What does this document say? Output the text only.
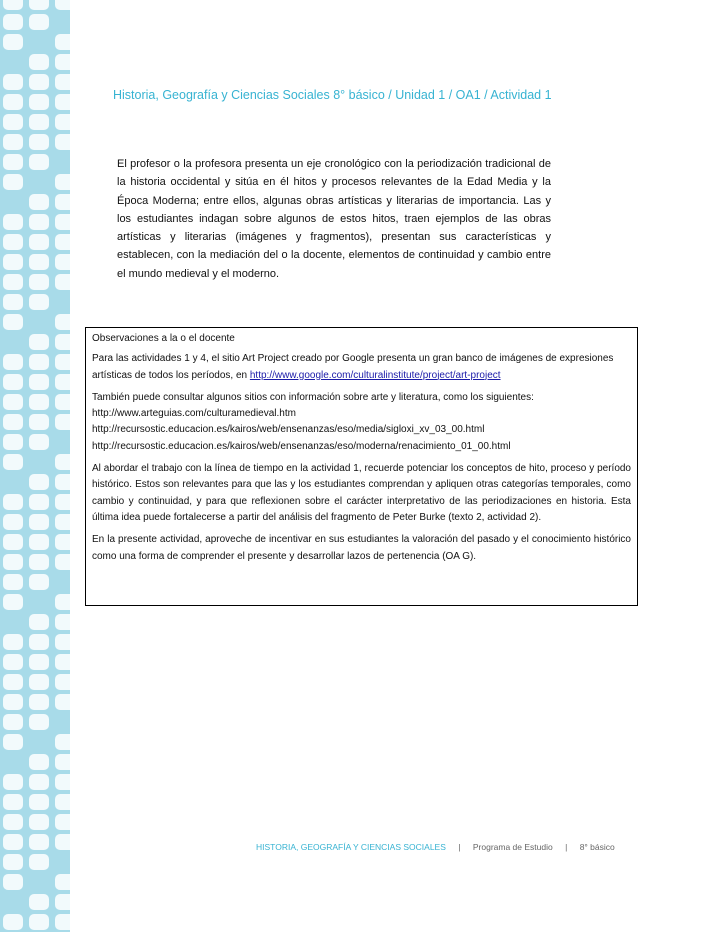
Historia, Geografía y Ciencias Sociales 8° básico / Unidad 1 / OA1 / Actividad 1
El profesor o la profesora presenta un eje cronológico con la periodización tradicional de la historia occidental y sitúa en él hitos y procesos relevantes de la Edad Media y la Época Moderna; entre ellos, algunas obras artísticas y literarias de importancia. Las y los estudiantes indagan sobre algunos de estos hitos, traen ejemplos de las obras artísticas y literarias (imágenes y fragmentos), presentan sus características y establecen, con la mediación del o la docente, elementos de continuidad y cambio entre el mundo medieval y el moderno.

Observaciones a la o el docente

Para las actividades 1 y 4, el sitio Art Project creado por Google presenta un gran banco de imágenes de expresiones artísticas de todos los períodos, en http://www.google.com/culturalinstitute/project/art-project

También puede consultar algunos sitios con información sobre arte y literatura, como los siguientes:
http://www.arteguias.com/culturamedieval.htm
http://recursostic.educacion.es/kairos/web/ensenanzas/eso/media/sigloxi_xv_03_00.html
http://recursostic.educacion.es/kairos/web/ensenanzas/eso/moderna/renacimiento_01_00.html

Al abordar el trabajo con la línea de tiempo en la actividad 1, recuerde potenciar los conceptos de hito, proceso y período histórico. Estos son relevantes para que las y los estudiantes comprendan y apliquen otras categorías temporales, como cambio y continuidad, y para que reflexionen sobre el carácter interpretativo de las periodizaciones en historia. Esta última idea puede fortalecerse a partir del análisis del fragmento de Peter Burke (texto 2, actividad 2).

En la presente actividad, aproveche de incentivar en sus estudiantes la valoración del pasado y el conocimiento histórico como una forma de comprender el presente y desarrollar lazos de pertenencia (OA G).

HISTORIA, GEOGRAFÍA Y CIENCIAS SOCIALES | Programa de Estudio | 8° básico
